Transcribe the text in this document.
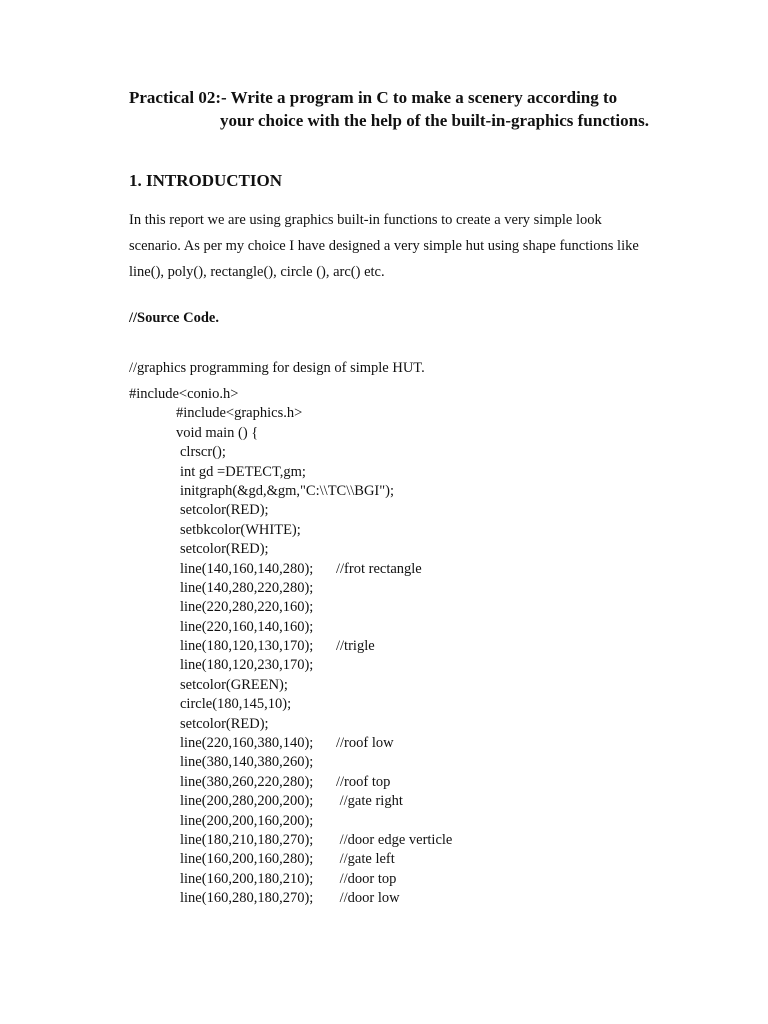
Practical 02:- Write a program in C to make a scenery according to
your choice with the help of the built-in-graphics functions.
1. INTRODUCTION
In this report we are using graphics built-in functions to create a very simple look
scenario. As per my choice I have designed a very simple hut using shape functions like
line(), poly(), rectangle(), circle (), arc() etc.
//Source Code.
//graphics programming for design of simple HUT.
#include<conio.h>
#include<graphics.h>
void main () {
clrscr();
int gd =DETECT,gm;
initgraph(&gd,&gm,"C:\\TC\\BGI");
setcolor(RED);
setbkcolor(WHITE);
setcolor(RED);
line(140,160,140,280); //frot rectangle
line(140,280,220,280);
line(220,280,220,160);
line(220,160,140,160);
line(180,120,130,170); //trigle
line(180,120,230,170);
setcolor(GREEN);
circle(180,145,10);
setcolor(RED);
line(220,160,380,140); //roof low
line(380,140,380,260);
line(380,260,220,280); //roof top
line(200,280,200,200); //gate right
line(200,200,160,200);
line(180,210,180,270); //door edge verticle
line(160,200,160,280); //gate left
line(160,200,180,210); //door top
line(160,280,180,270); //door low
